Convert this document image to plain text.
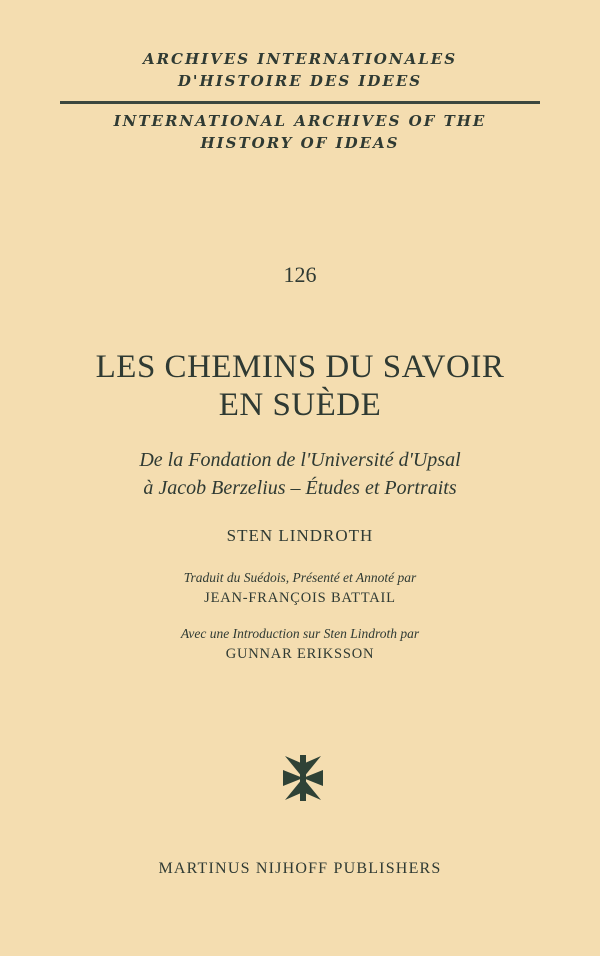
ARCHIVES INTERNATIONALES
D'HISTOIRE DES IDEES
INTERNATIONAL ARCHIVES OF THE
HISTORY OF IDEAS
126
LES CHEMINS DU SAVOIR
EN SUÈDE
De la Fondation de l'Université d'Upsal
à Jacob Berzelius – Études et Portraits
STEN LINDROTH
Traduit du Suédois, Présenté et Annoté par
JEAN-FRANÇOIS BATTAIL
Avec une Introduction sur Sten Lindroth par
GUNNAR ERIKSSON
MARTINUS NIJHOFF PUBLISHERS
